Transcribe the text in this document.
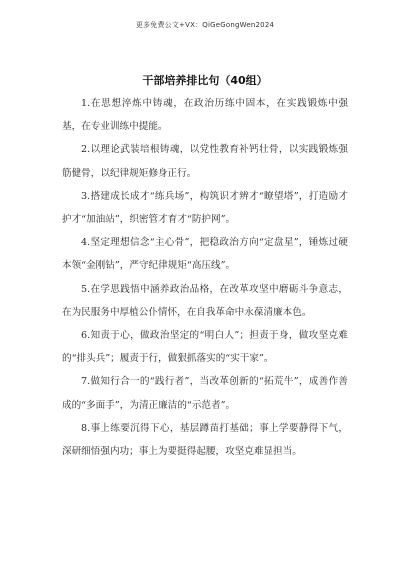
更多免费公文+VX：QiGeGongWen2024
干部培养排比句（40组）

1.在思想淬炼中铸魂，在政治历练中固本，在实践锻炼中强基，在专业训练中提能。

2.以理论武装培根铸魂，以党性教育补钙壮骨，以实践锻炼强筋健骨，以纪律规矩修身正行。

3.搭建成长成才“练兵场”，构筑识才辨才“瞭望塔”，打造励才护才“加油站”，织密管才育才“防护网”。

4.坚定理想信念“主心骨”，把稳政治方向“定盘星”，锤炼过硬本领“金刚钻”，严守纪律规矩“高压线”。

5.在学思践悟中涵养政治品格，在改革攻坚中磨砺斗争意志，在为民服务中厚植公仆情怀，在自我革命中永葆清廉本色。

6.知责于心，做政治坚定的“明白人”；担责于身，做攻坚克难的“排头兵”；履责于行，做狠抓落实的“实干家”。

7.做知行合一的“践行者”，当改革创新的“拓荒牛”，成善作善成的“多面手”，为清正廉洁的“示范者”。

8.事上练要沉得下心，基层蹲苗打基础；事上学要静得下气，深研细悟强内功；事上为要挺得起腰，攻坚克难显担当。
